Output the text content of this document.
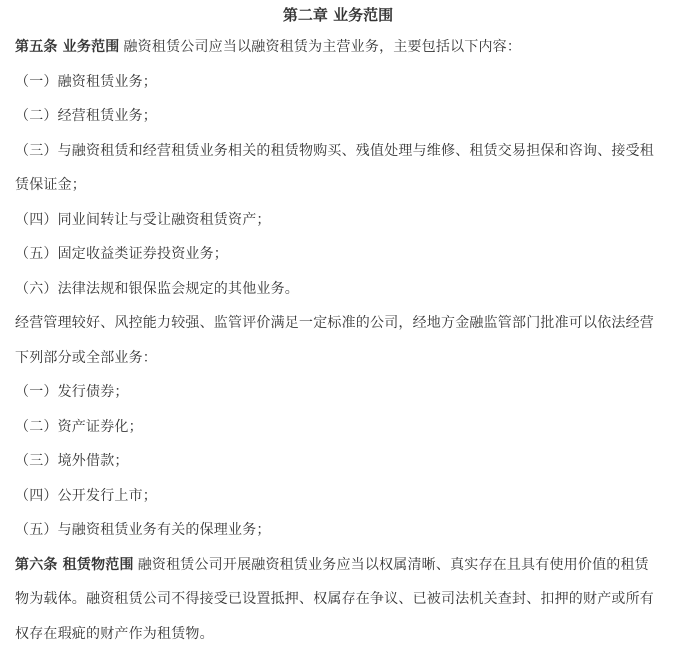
第二章 业务范围

第五条 业务范围 融资租赁公司应当以融资租赁为主营业务，主要包括以下内容：

（一）融资租赁业务；

（二）经营租赁业务；

（三）与融资租赁和经营租赁业务相关的租赁物购买、残值处理与维修、租赁交易担保和咨询、接受租赁保证金；

（四）同业间转让与受让融资租赁资产；

（五）固定收益类证券投资业务；

（六）法律法规和银保监会规定的其他业务。

经营管理较好、风控能力较强、监管评价满足一定标准的公司，经地方金融监管部门批准可以依法经营下列部分或全部业务：

（一）发行债券；

（二）资产证券化；

（三）境外借款；

（四）公开发行上市；

（五）与融资租赁业务有关的保理业务；

第六条 租赁物范围 融资租赁公司开展融资租赁业务应当以权属清晰、真实存在且具有使用价值的租赁物为载体。融资租赁公司不得接受已设置抵押、权属存在争议、已被司法机关查封、扣押的财产或所有权存在瑕疵的财产作为租赁物。
